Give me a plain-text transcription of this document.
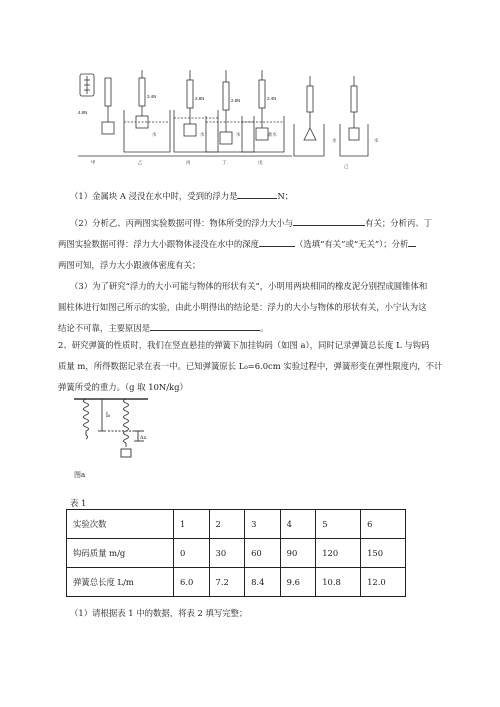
4.8N
3.4N	2.8N	2.8N	2.4N
水	水	水	盐水
水	水
甲	乙	丙	丁	戊
己
（1）金属块 A 浸没在水中时，受到的浮力是	N；
（2）分析乙、丙两图实验数据可得：物体所受的浮力大小与	有关；分析丙、丁
两图实验数据可得：浮力大小跟物体浸没在水中的深度	（选填“有关”或“无关”）；分析
两图可知，浮力大小跟液体密度有关；
（3）为了研究“浮力的大小可能与物体的形状有关”，小明用两块相同的橡皮泥分别捏成圆锥体和
圆柱体进行如图己所示的实验，由此小明得出的结论是：浮力的大小与物体的形状有关，小宁认为这
结论不可靠，主要原因是	。
2、研究弹簧的性质时，我们在竖直悬挂的弹簧下加挂钩码（如图 a），同时记录弹簧总长度 L 与钩码
质量 m，所得数据记录在表一中。已知弹簧原长 L₀=6.0cm 实验过程中，弹簧形变在弹性限度内，不计
弹簧所受的重力。（g 取 10N/kg）
l₀
Δx
图a
表 1
实验次数	1	2	3	4	5	6
钩码质量 m/g	0	30	60	90	120	150
弹簧总长度 L/m	6.0	7.2	8.4	9.6	10.8	12.0
（1）请根据表 1 中的数据，将表 2 填写完整；
